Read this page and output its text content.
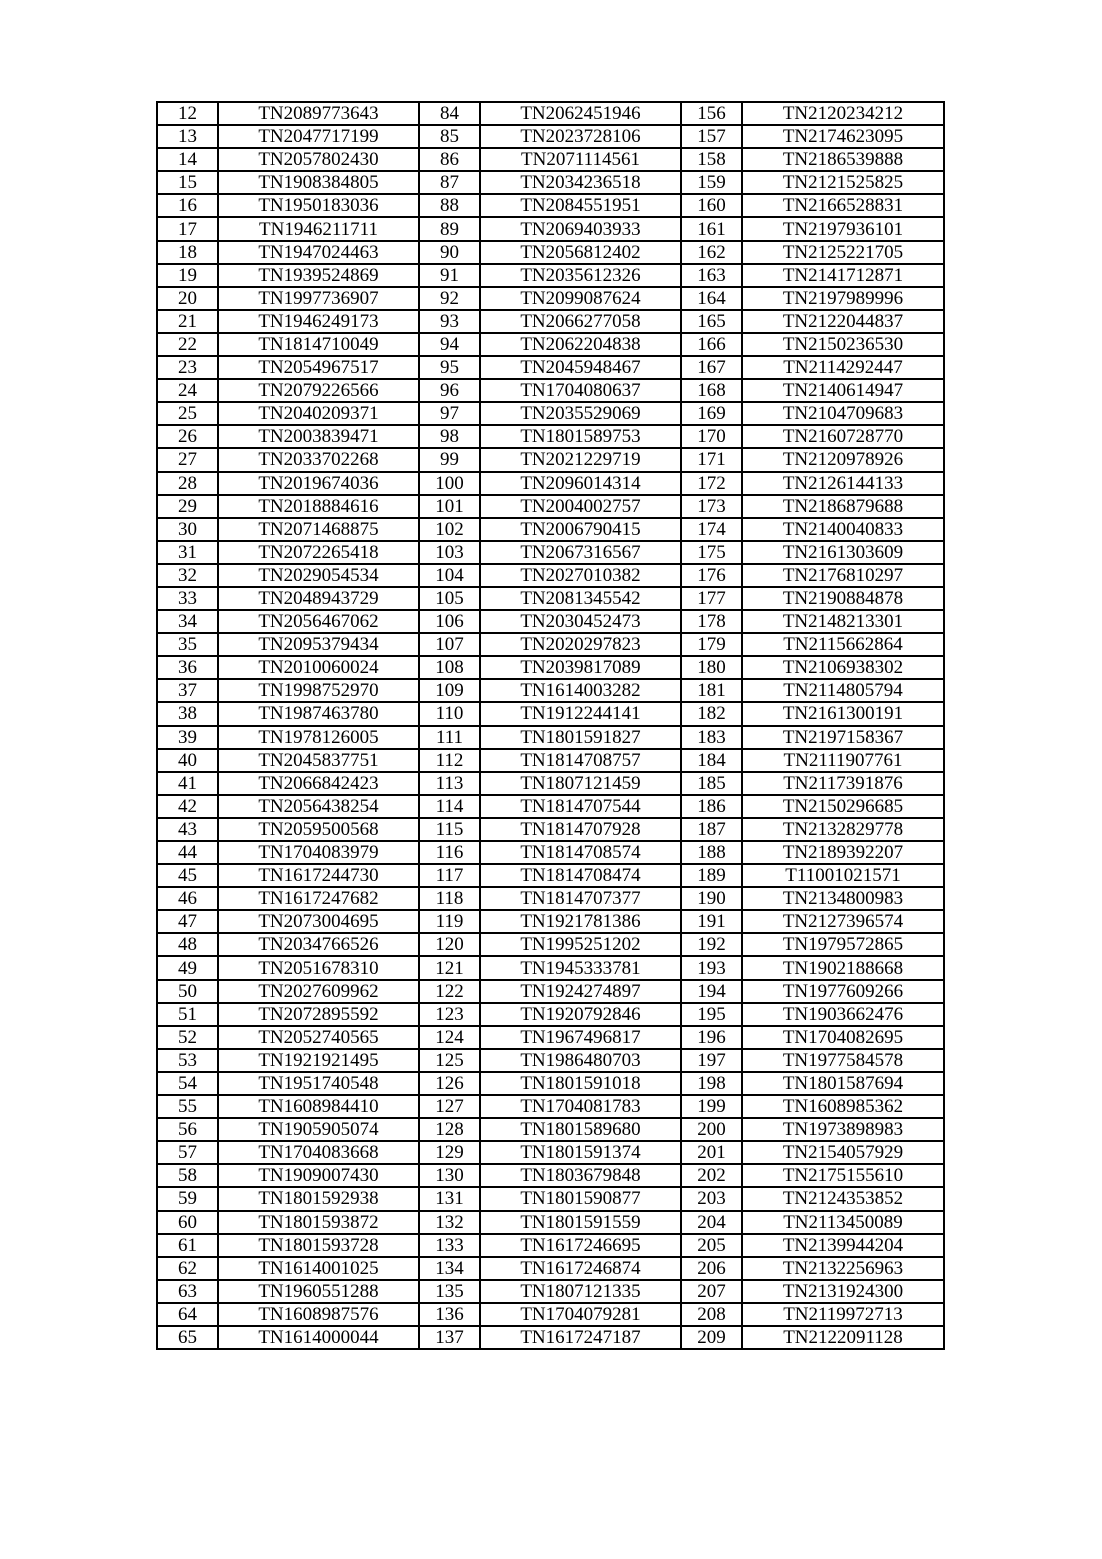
12	TN2089773643	84	TN2062451946	156	TN2120234212
13	TN2047717199	85	TN2023728106	157	TN2174623095
14	TN2057802430	86	TN2071114561	158	TN2186539888
15	TN1908384805	87	TN2034236518	159	TN2121525825
16	TN1950183036	88	TN2084551951	160	TN2166528831
17	TN1946211711	89	TN2069403933	161	TN2197936101
18	TN1947024463	90	TN2056812402	162	TN2125221705
19	TN1939524869	91	TN2035612326	163	TN2141712871
20	TN1997736907	92	TN2099087624	164	TN2197989996
21	TN1946249173	93	TN2066277058	165	TN2122044837
22	TN1814710049	94	TN2062204838	166	TN2150236530
23	TN2054967517	95	TN2045948467	167	TN2114292447
24	TN2079226566	96	TN1704080637	168	TN2140614947
25	TN2040209371	97	TN2035529069	169	TN2104709683
26	TN2003839471	98	TN1801589753	170	TN2160728770
27	TN2033702268	99	TN2021229719	171	TN2120978926
28	TN2019674036	100	TN2096014314	172	TN2126144133
29	TN2018884616	101	TN2004002757	173	TN2186879688
30	TN2071468875	102	TN2006790415	174	TN2140040833
31	TN2072265418	103	TN2067316567	175	TN2161303609
32	TN2029054534	104	TN2027010382	176	TN2176810297
33	TN2048943729	105	TN2081345542	177	TN2190884878
34	TN2056467062	106	TN2030452473	178	TN2148213301
35	TN2095379434	107	TN2020297823	179	TN2115662864
36	TN2010060024	108	TN2039817089	180	TN2106938302
37	TN1998752970	109	TN1614003282	181	TN2114805794
38	TN1987463780	110	TN1912244141	182	TN2161300191
39	TN1978126005	111	TN1801591827	183	TN2197158367
40	TN2045837751	112	TN1814708757	184	TN2111907761
41	TN2066842423	113	TN1807121459	185	TN2117391876
42	TN2056438254	114	TN1814707544	186	TN2150296685
43	TN2059500568	115	TN1814707928	187	TN2132829778
44	TN1704083979	116	TN1814708574	188	TN2189392207
45	TN1617244730	117	TN1814708474	189	T11001021571
46	TN1617247682	118	TN1814707377	190	TN2134800983
47	TN2073004695	119	TN1921781386	191	TN2127396574
48	TN2034766526	120	TN1995251202	192	TN1979572865
49	TN2051678310	121	TN1945333781	193	TN1902188668
50	TN2027609962	122	TN1924274897	194	TN1977609266
51	TN2072895592	123	TN1920792846	195	TN1903662476
52	TN2052740565	124	TN1967496817	196	TN1704082695
53	TN1921921495	125	TN1986480703	197	TN1977584578
54	TN1951740548	126	TN1801591018	198	TN1801587694
55	TN1608984410	127	TN1704081783	199	TN1608985362
56	TN1905905074	128	TN1801589680	200	TN1973898983
57	TN1704083668	129	TN1801591374	201	TN2154057929
58	TN1909007430	130	TN1803679848	202	TN2175155610
59	TN1801592938	131	TN1801590877	203	TN2124353852
60	TN1801593872	132	TN1801591559	204	TN2113450089
61	TN1801593728	133	TN1617246695	205	TN2139944204
62	TN1614001025	134	TN1617246874	206	TN2132256963
63	TN1960551288	135	TN1807121335	207	TN2131924300
64	TN1608987576	136	TN1704079281	208	TN2119972713
65	TN1614000044	137	TN1617247187	209	TN2122091128
